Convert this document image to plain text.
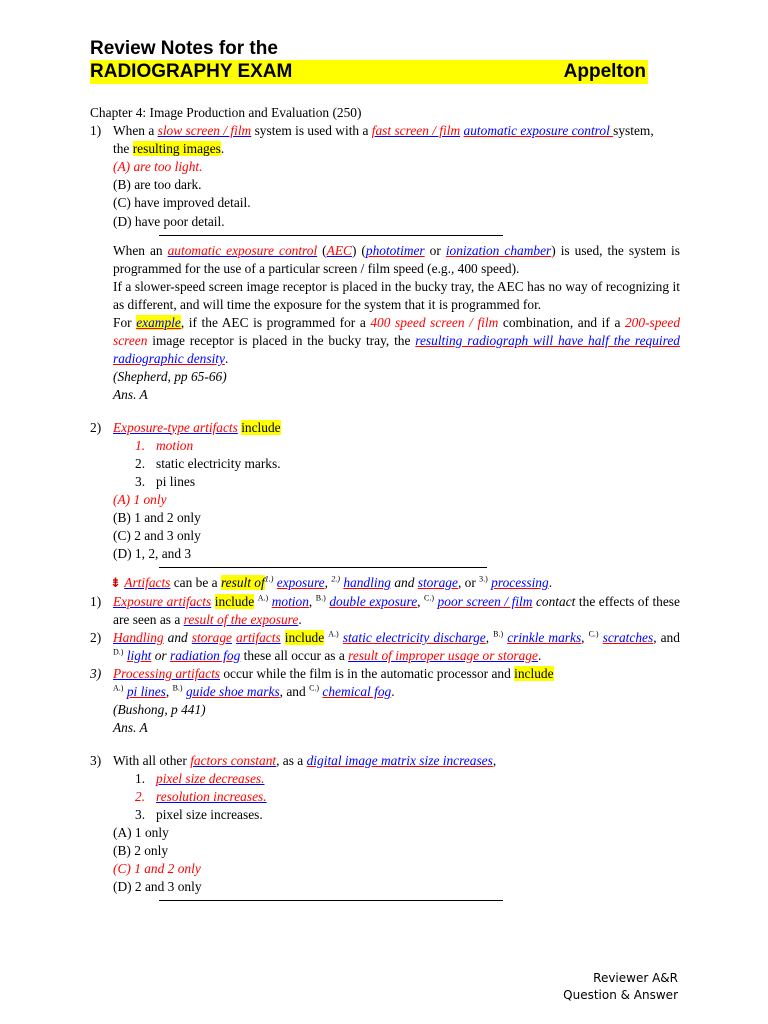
Review Notes for the
RADIOGRAPHY EXAM	Appelton
Chapter 4: Image Production and Evaluation (250)
1) When a slow screen / film system is used with a fast screen / film automatic exposure control system,
the resulting images.
(A) are too light.
(B) are too dark.
(C) have improved detail.
(D) have poor detail.
When an automatic exposure control (AEC) (phototimer or ionization chamber) is used, the system is programmed for the use of a particular screen / film speed (e.g., 400 speed).
If a slower-speed screen image receptor is placed in the bucky tray, the AEC has no way of recognizing it as different, and will time the exposure for the system that it is programmed for.
For example, if the AEC is programmed for a 400 speed screen / film combination, and if a 200-speed screen image receptor is placed in the bucky tray, the resulting radiograph will have half the required radiographic density.
(Shepherd, pp 65-66)
Ans. A
2) Exposure-type artifacts include
1. motion
2. static electricity marks.
3. pi lines
(A) 1 only
(B) 1 and 2 only
(C) 2 and 3 only
(D) 1, 2, and 3
⇟ Artifacts can be a result $of^{1.)}$ exposure, $^{2.)}$ handling and storage, or $^{3.)}$ processing.
1) Exposure artifacts include $^{A.)}$ motion, $^{B.)}$ double exposure, $^{C.)}$ poor screen / film contact the effects of these are seen as a result of the exposure.
2) Handling and storage artifacts include $^{A.)}$ static electricity discharge, $^{B.)}$ crinkle marks, $^{C.)}$ scratches, and $^{D.)}$ light or radiation fog these all occur as a result of improper usage or storage.
3) Processing artifacts occur while the film is in the automatic processor and include
$^{A.)}$ pi lines, $^{B.)}$ guide shoe marks, and $^{C.)}$ chemical fog.
(Bushong, p 441)
Ans. A
3) With all other factors constant, as a digital image matrix size increases,
1. pixel size decreases.
2. resolution increases.
3. pixel size increases.
(A) 1 only
(B) 2 only
(C) 1 and 2 only
(D) 2 and 3 only
Reviewer A&R
Question & Answer
